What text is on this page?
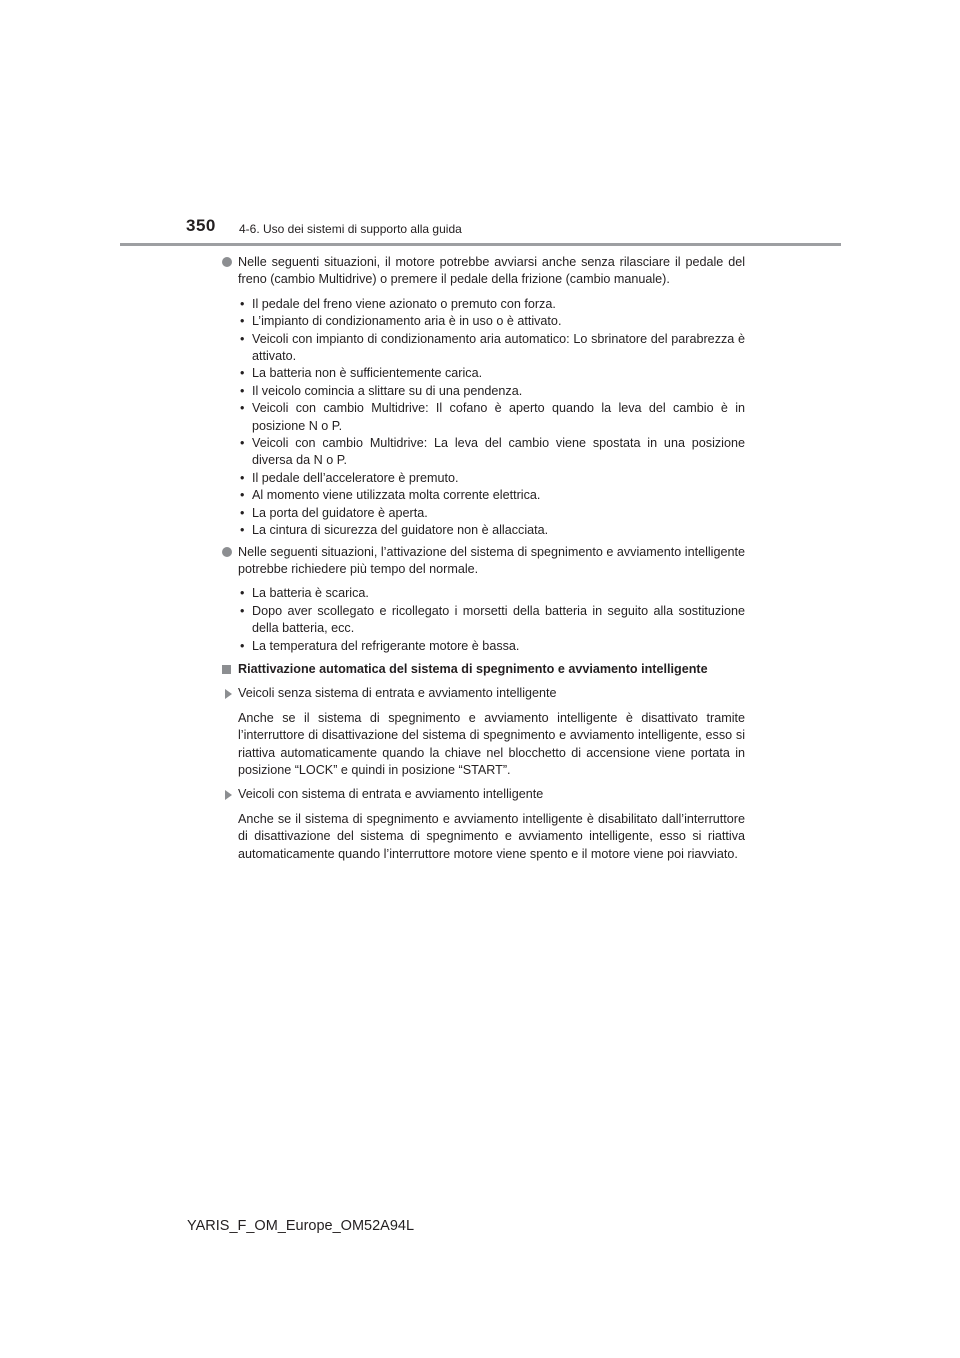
350 4-6. Uso dei sistemi di supporto alla guida
Nelle seguenti situazioni, il motore potrebbe avviarsi anche senza rilasciare il pedale del freno (cambio Multidrive) o premere il pedale della frizione (cambio manuale).
• Il pedale del freno viene azionato o premuto con forza.
• L’impianto di condizionamento aria è in uso o è attivato.
• Veicoli con impianto di condizionamento aria automatico: Lo sbrinatore del parabrezza è attivato.
• La batteria non è sufficientemente carica.
• Il veicolo comincia a slittare su di una pendenza.
• Veicoli con cambio Multidrive: Il cofano è aperto quando la leva del cambio è in posizione N o P.
• Veicoli con cambio Multidrive: La leva del cambio viene spostata in una posizione diversa da N o P.
• Il pedale dell’acceleratore è premuto.
• Al momento viene utilizzata molta corrente elettrica.
• La porta del guidatore è aperta.
• La cintura di sicurezza del guidatore non è allacciata.
Nelle seguenti situazioni, l’attivazione del sistema di spegnimento e avviamento intelligente potrebbe richiedere più tempo del normale.
• La batteria è scarica.
• Dopo aver scollegato e ricollegato i morsetti della batteria in seguito alla sostituzione della batteria, ecc.
• La temperatura del refrigerante motore è bassa.
Riattivazione automatica del sistema di spegnimento e avviamento intelligente
Veicoli senza sistema di entrata e avviamento intelligente
Anche se il sistema di spegnimento e avviamento intelligente è disattivato tramite l’interruttore di disattivazione del sistema di spegnimento e avviamento intelligente, esso si riattiva automaticamente quando la chiave nel blocchetto di accensione viene portata in posizione “LOCK” e quindi in posizione “START”.
Veicoli con sistema di entrata e avviamento intelligente
Anche se il sistema di spegnimento e avviamento intelligente è disabilitato dall’interruttore di disattivazione del sistema di spegnimento e avviamento intelligente, esso si riattiva automaticamente quando l’interruttore motore viene spento e il motore viene poi riavviato.
YARIS_F_OM_Europe_OM52A94L
